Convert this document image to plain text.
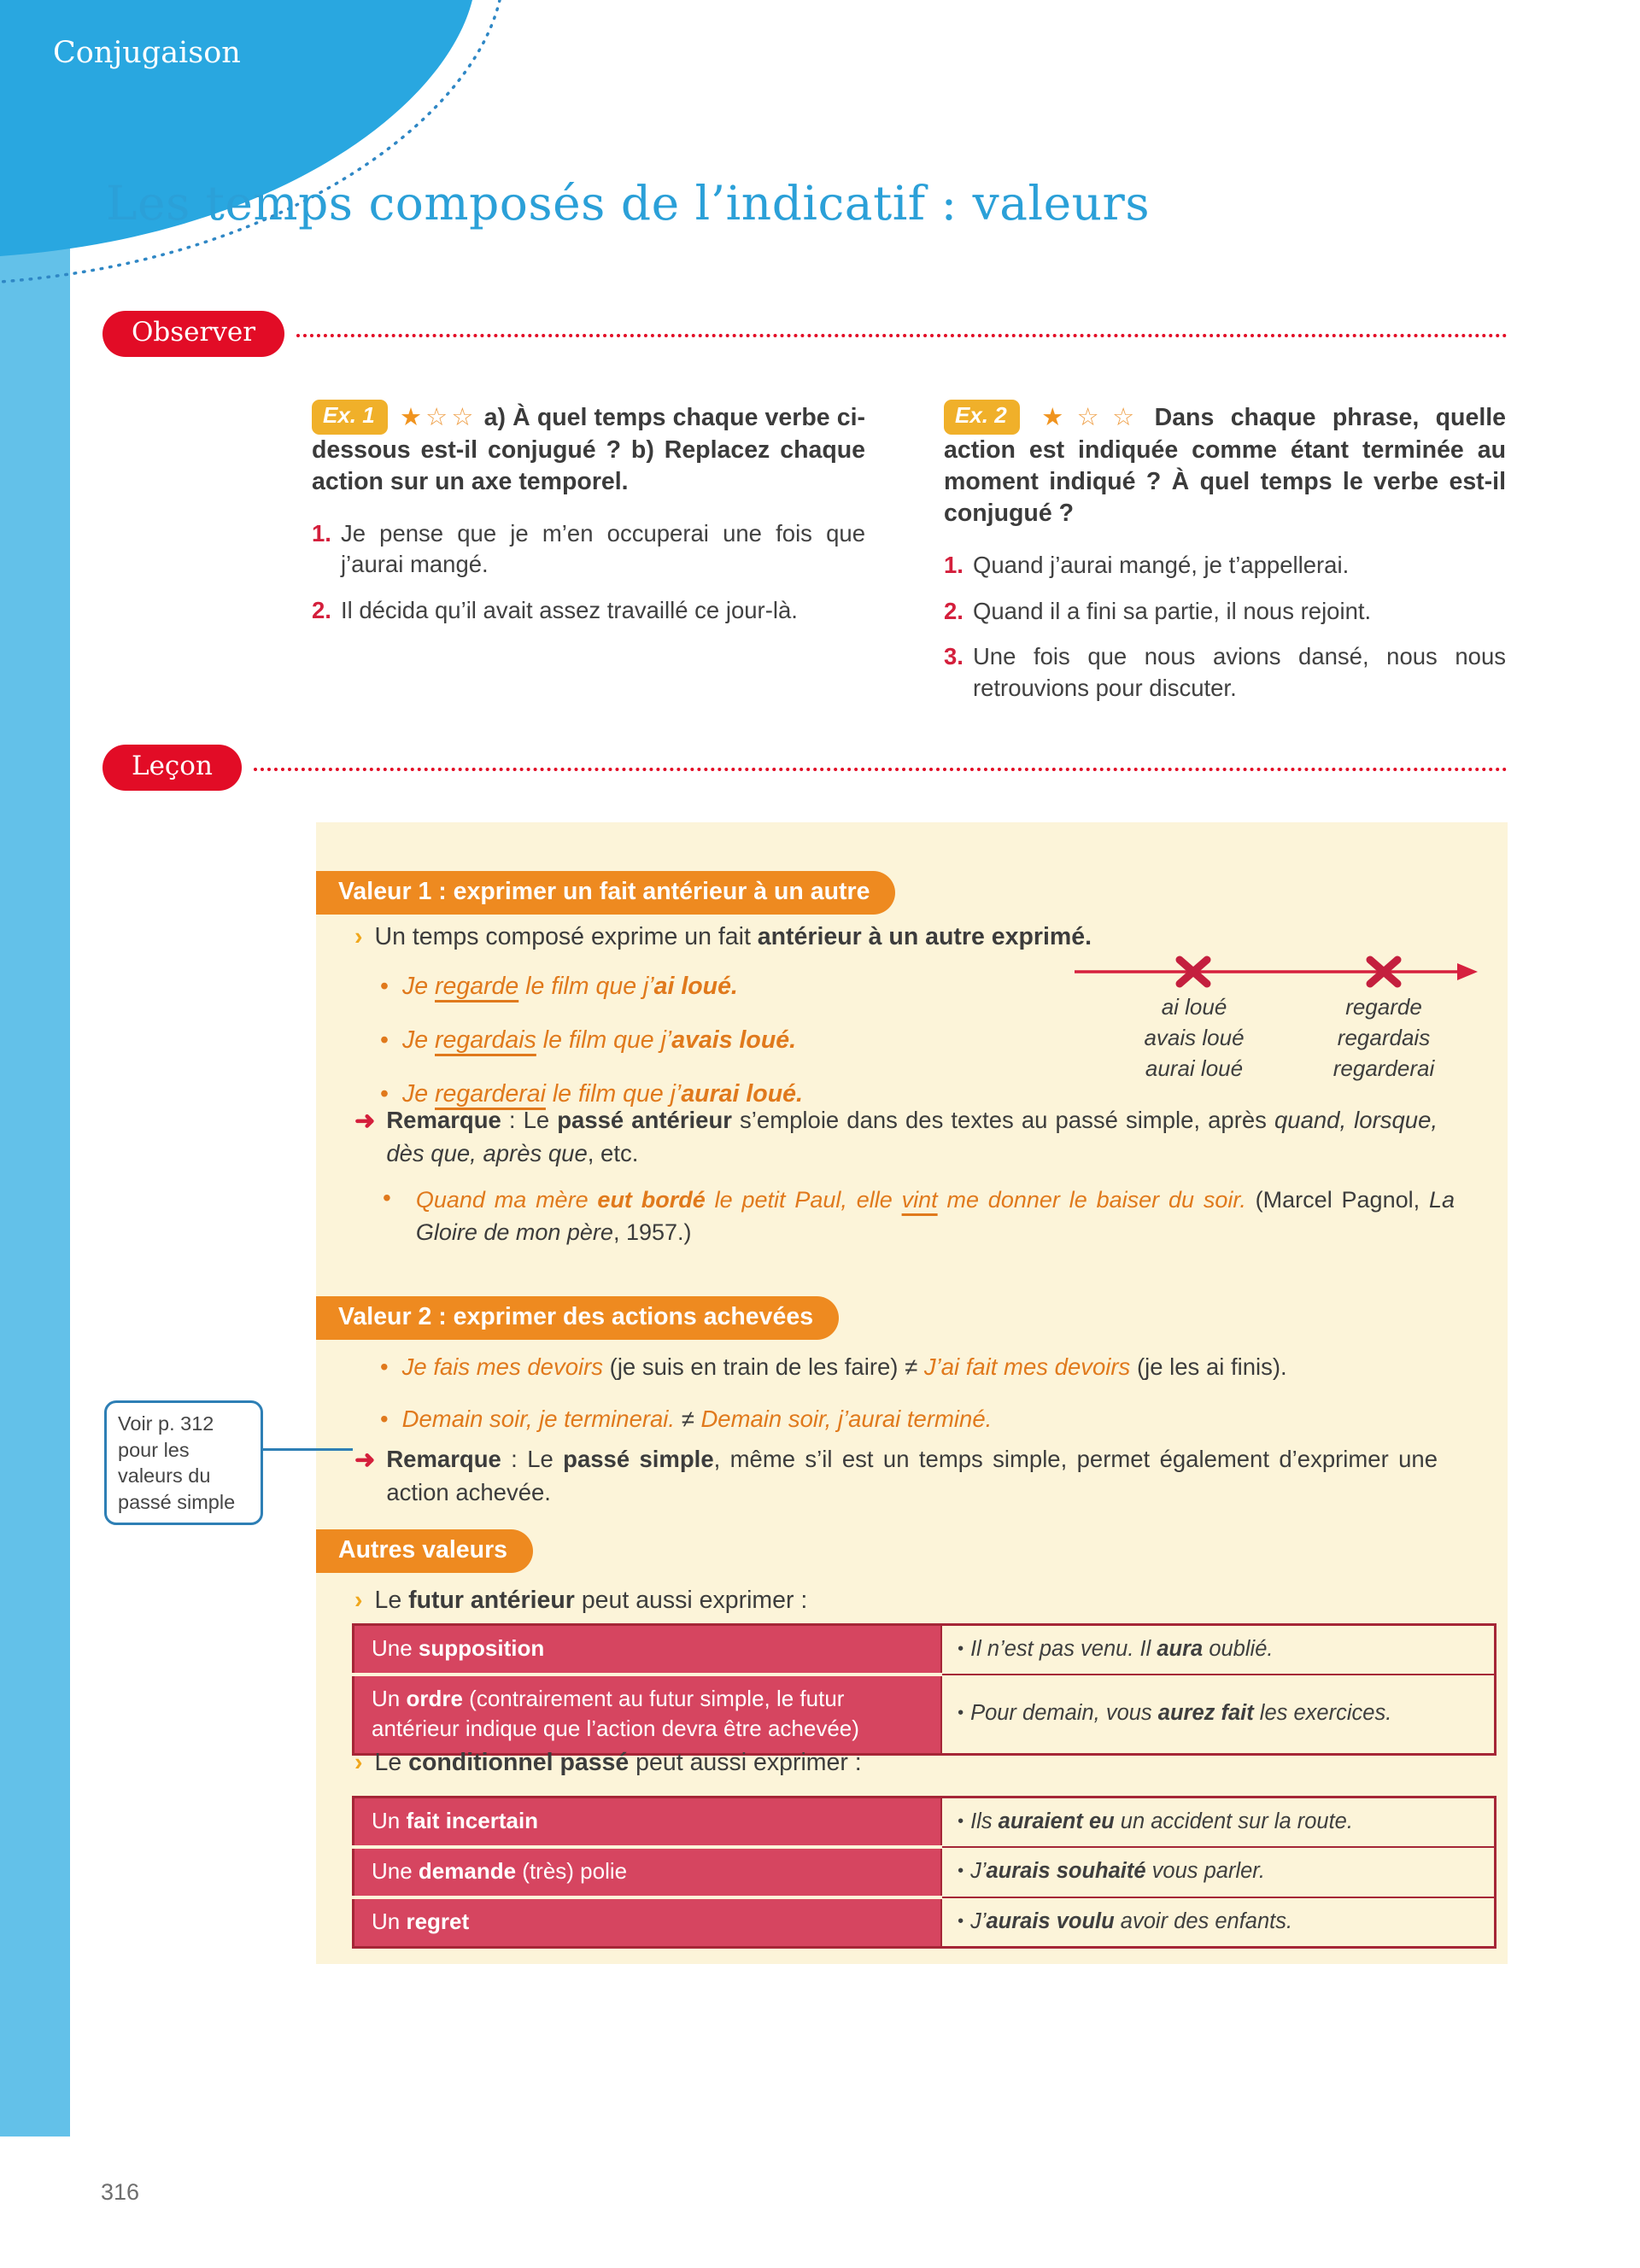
Conjugaison
Les temps composés de l’indicatif : valeurs
Observer
Ex. 1 ★☆☆ a) À quel temps chaque verbe ci-dessous est-il conjugué ? b) Replacez chaque action sur un axe temporel.
1. Je pense que je m’en occuperai une fois que j’aurai mangé.
2. Il décida qu’il avait assez travaillé ce jour-là.
Ex. 2 ★☆☆ Dans chaque phrase, quelle action est indiquée comme étant terminée au moment indiqué ? À quel temps le verbe est-il conjugué ?
1. Quand j’aurai mangé, je t’appellerai.
2. Quand il a fini sa partie, il nous rejoint.
3. Une fois que nous avions dansé, nous nous retrouvions pour discuter.
Leçon
Valeur 1 : exprimer un fait antérieur à un autre
› Un temps composé exprime un fait antérieur à un autre exprimé.
• Je regarde le film que j’ai loué.
• Je regardais le film que j’avais loué.
• Je regarderai le film que j’aurai loué.
ai loué
avais loué
aurai loué
regarde
regardais
regarderai
➜ Remarque : Le passé antérieur s’emploie dans des textes au passé simple, après quand, lorsque, dès que, après que, etc.
• Quand ma mère eut bordé le petit Paul, elle vint me donner le baiser du soir. (Marcel Pagnol, La Gloire de mon père, 1957.)
Valeur 2 : exprimer des actions achevées
• Je fais mes devoirs (je suis en train de les faire) ≠ J’ai fait mes devoirs (je les ai finis).
• Demain soir, je terminerai. ≠ Demain soir, j’aurai terminé.
➜ Remarque : Le passé simple, même s’il est un temps simple, permet également d’exprimer une action achevée.
Autres valeurs
› Le futur antérieur peut aussi exprimer :
Une supposition	• Il n’est pas venu. Il aura oublié.
Un ordre (contrairement au futur simple, le futur antérieur indique que l’action devra être achevée)	• Pour demain, vous aurez fait les exercices.
› Le conditionnel passé peut aussi exprimer :
Un fait incertain	• Ils auraient eu un accident sur la route.
Une demande (très) polie	• J’aurais souhaité vous parler.
Un regret	• J’aurais voulu avoir des enfants.
Voir p. 312 pour les valeurs du passé simple
316
